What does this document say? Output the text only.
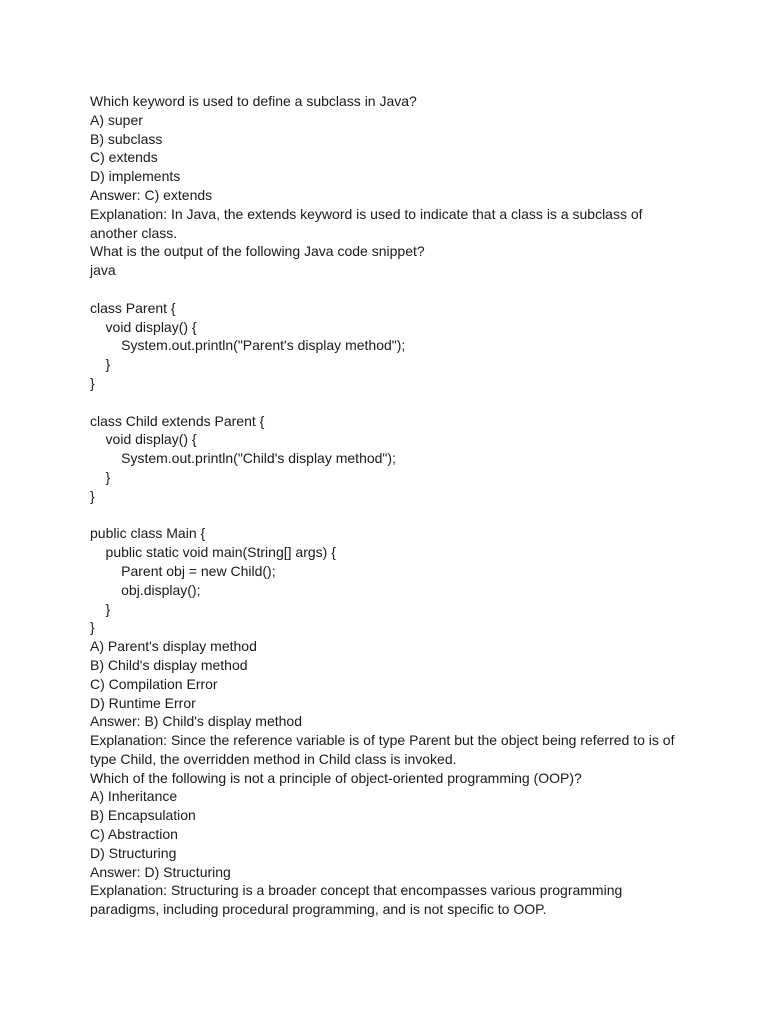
Which keyword is used to define a subclass in Java?
A) super
B) subclass
C) extends
D) implements
Answer: C) extends
Explanation: In Java, the extends keyword is used to indicate that a class is a subclass of another class.
What is the output of the following Java code snippet?
java
class Parent {
void display() {
System.out.println("Parent's display method");
}
}
class Child extends Parent {
void display() {
System.out.println("Child's display method");
}
}
public class Main {
public static void main(String[] args) {
Parent obj = new Child();
obj.display();
}
}
A) Parent's display method
B) Child's display method
C) Compilation Error
D) Runtime Error
Answer: B) Child's display method
Explanation: Since the reference variable is of type Parent but the object being referred to is of type Child, the overridden method in Child class is invoked.
Which of the following is not a principle of object-oriented programming (OOP)?
A) Inheritance
B) Encapsulation
C) Abstraction
D) Structuring
Answer: D) Structuring
Explanation: Structuring is a broader concept that encompasses various programming paradigms, including procedural programming, and is not specific to OOP.
